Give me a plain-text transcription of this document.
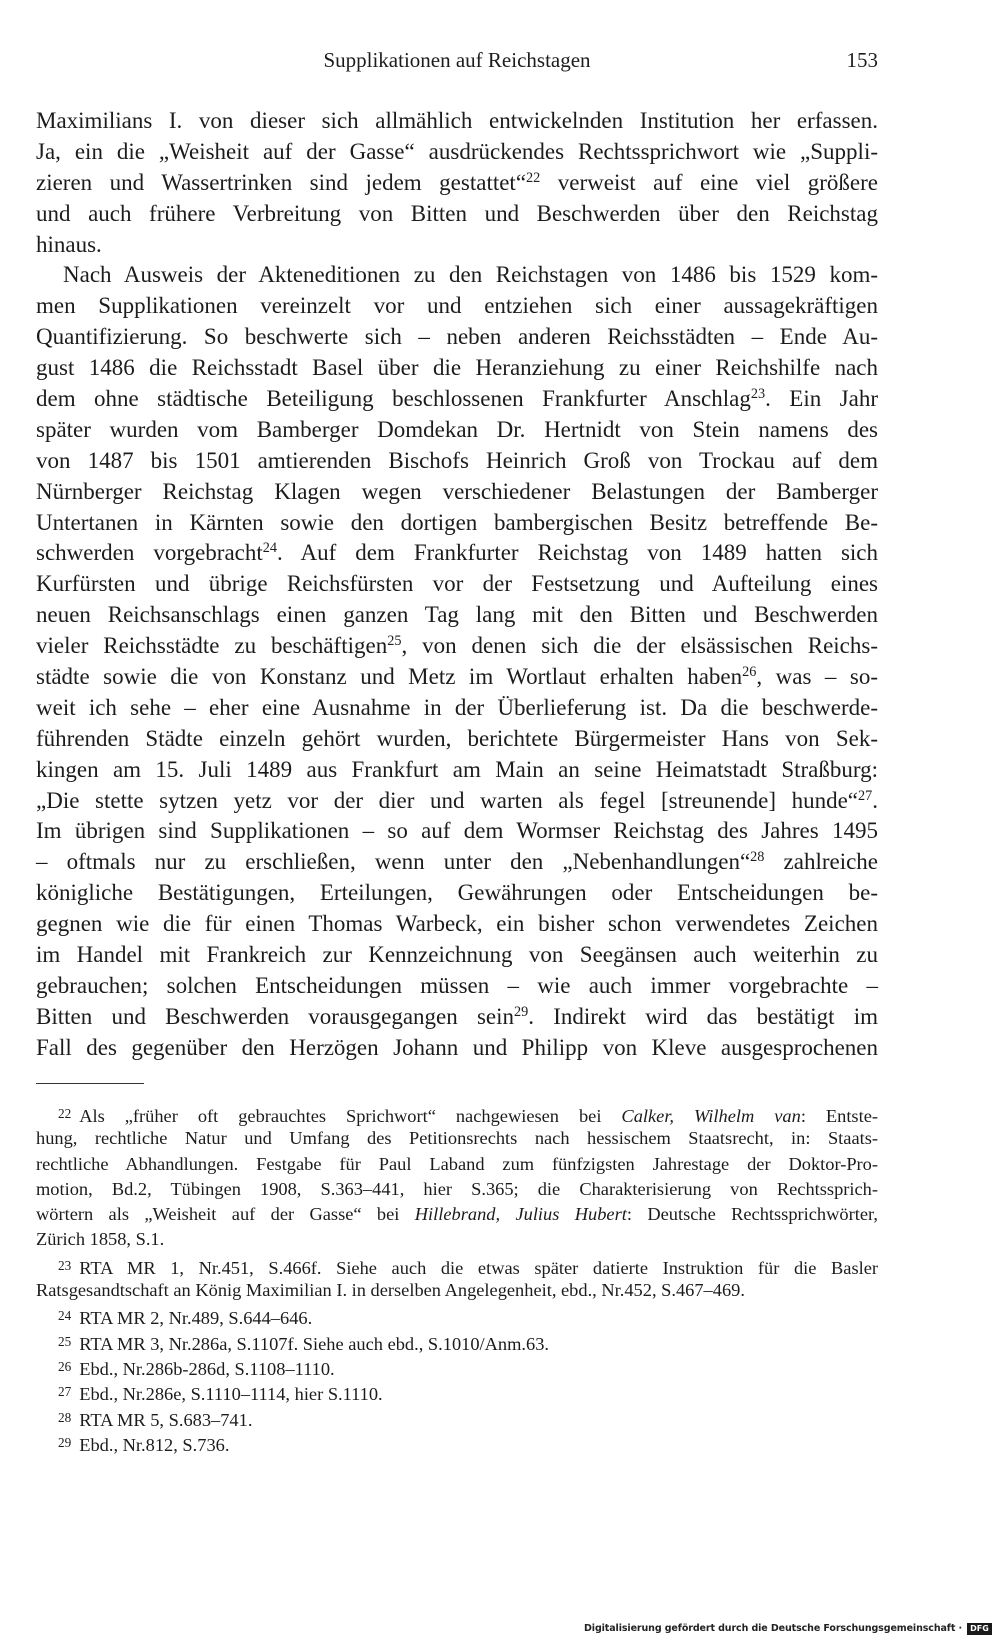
Supplikationen auf Reichstagen	153
Maximilians I. von dieser sich allmählich entwickelnden Institution her erfassen.
Ja, ein die „Weisheit auf der Gasse“ ausdrückendes Rechtssprichwort wie „Suppli-
zieren und Wassertrinken sind jedem gestattet“$^{22}$ verweist auf eine viel größere
und auch frühere Verbreitung von Bitten und Beschwerden über den Reichstag
hinaus.
Nach Ausweis der Akteneditionen zu den Reichstagen von 1486 bis 1529 kom-
men Supplikationen vereinzelt vor und entziehen sich einer aussagekräftigen
Quantifizierung. So beschwerte sich – neben anderen Reichsstädten – Ende Au-
gust 1486 die Reichsstadt Basel über die Heranziehung zu einer Reichshilfe nach
dem ohne städtische Beteiligung beschlossenen Frankfurter Anschlag$^{23}$. Ein Jahr
später wurden vom Bamberger Domdekan Dr. Hertnidt von Stein namens des
von 1487 bis 1501 amtierenden Bischofs Heinrich Groß von Trockau auf dem
Nürnberger Reichstag Klagen wegen verschiedener Belastungen der Bamberger
Untertanen in Kärnten sowie den dortigen bambergischen Besitz betreffende Be-
schwerden vorgebracht$^{24}$. Auf dem Frankfurter Reichstag von 1489 hatten sich
Kurfürsten und übrige Reichsfürsten vor der Festsetzung und Aufteilung eines
neuen Reichsanschlags einen ganzen Tag lang mit den Bitten und Beschwerden
vieler Reichsstädte zu beschäftigen$^{25}$, von denen sich die der elsässischen Reichs-
städte sowie die von Konstanz und Metz im Wortlaut erhalten haben$^{26}$, was – so-
weit ich sehe – eher eine Ausnahme in der Überlieferung ist. Da die beschwerde-
führenden Städte einzeln gehört wurden, berichtete Bürgermeister Hans von Sek-
kingen am 15. Juli 1489 aus Frankfurt am Main an seine Heimatstadt Straßburg:
„Die stette sytzen yetz vor der dier und warten als fegel [streunende] hunde“$^{27}$.
Im übrigen sind Supplikationen – so auf dem Wormser Reichstag des Jahres 1495
– oftmals nur zu erschließen, wenn unter den „Nebenhandlungen“$^{28}$ zahlreiche
königliche Bestätigungen, Erteilungen, Gewährungen oder Entscheidungen be-
gegnen wie die für einen Thomas Warbeck, ein bisher schon verwendetes Zeichen
im Handel mit Frankreich zur Kennzeichnung von Seegänsen auch weiterhin zu
gebrauchen; solchen Entscheidungen müssen – wie auch immer vorgebrachte –
Bitten und Beschwerden vorausgegangen sein$^{29}$. Indirekt wird das bestätigt im
Fall des gegenüber den Herzögen Johann und Philipp von Kleve ausgesprochenen
$^{22}$ Als „früher oft gebrauchtes Sprichwort“ nachgewiesen bei Calker, Wilhelm van: Entste-
hung, rechtliche Natur und Umfang des Petitionsrechts nach hessischem Staatsrecht, in: Staats-
rechtliche Abhandlungen. Festgabe für Paul Laband zum fünfzigsten Jahrestage der Doktor-Pro-
motion, Bd.2, Tübingen 1908, S.363–441, hier S.365; die Charakterisierung von Rechtssprich-
wörtern als „Weisheit auf der Gasse“ bei Hillebrand, Julius Hubert: Deutsche Rechtssprichwörter,
Zürich 1858, S.1.
$^{23}$ RTA MR 1, Nr.451, S.466f. Siehe auch die etwas später datierte Instruktion für die Basler
Ratsgesandtschaft an König Maximilian I. in derselben Angelegenheit, ebd., Nr.452, S.467–469.
$^{24}$ RTA MR 2, Nr.489, S.644–646.
$^{25}$ RTA MR 3, Nr.286a, S.1107f. Siehe auch ebd., S.1010/Anm.63.
$^{26}$ Ebd., Nr.286b-286d, S.1108–1110.
$^{27}$ Ebd., Nr.286e, S.1110–1114, hier S.1110.
$^{28}$ RTA MR 5, S.683–741.
$^{29}$ Ebd., Nr.812, S.736.
Digitalisierung gefördert durch die Deutsche Forschungsgemeinschaft ·	DFG
